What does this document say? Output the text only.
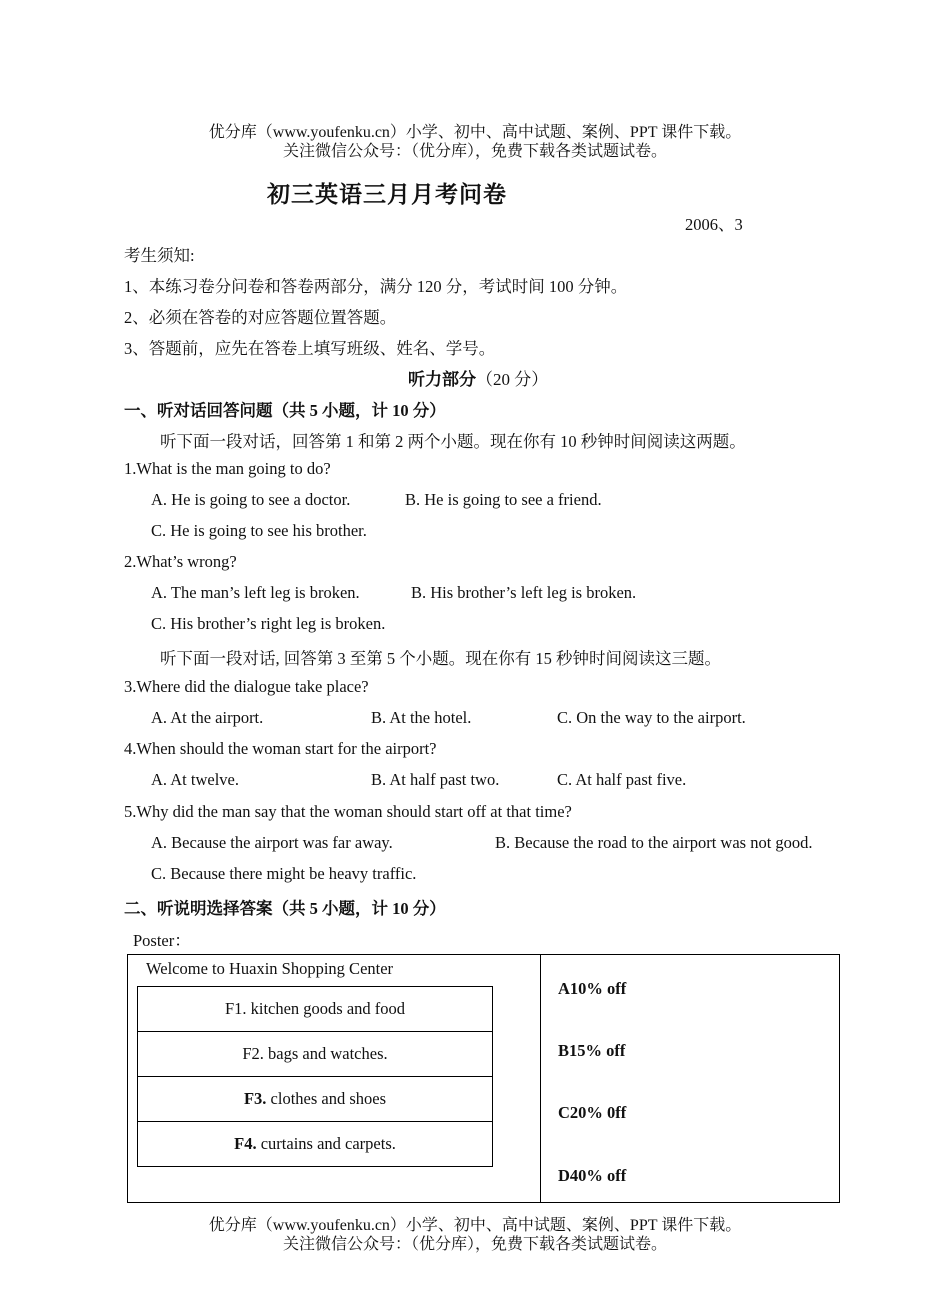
优分库（www.youfenku.cn）小学、初中、高中试题、案例、PPT 课件下载。
关注微信公众号：（优分库），免费下载各类试题试卷。
初三英语三月月考问卷
2006、3
考生须知:
1、本练习卷分问卷和答卷两部分，满分 120 分，考试时间 100 分钟。
2、必须在答卷的对应答题位置答题。
3、答题前，应先在答卷上填写班级、姓名、学号。
听力部分（20 分）
一、听对话回答问题（共 5 小题，计 10 分）
听下面一段对话，回答第 1 和第 2 两个小题。现在你有 10 秒钟时间阅读这两题。
1.What is the man going to do?
A. He is going to see a doctor.	B. He is going to see a friend.
C. He is going to see his brother.
2.What’s wrong?
A. The man’s left leg is broken.	B. His brother’s left leg is broken.
C. His brother’s right leg is broken.
听下面一段对话, 回答第 3 至第 5 个小题。现在你有 15 秒钟时间阅读这三题。
3.Where did the dialogue take place?
A. At the airport.	B. At the hotel.	C. On the way to the airport.
4.When should the woman start for the airport?
A. At twelve.	B. At half past two.	C. At half past five.
5.Why did the man say that the woman should start off at that time?
A. Because the airport was far away.	B. Because the road to the airport was not good.
C. Because there might be heavy traffic.
二、听说明选择答案（共 5 小题，计 10 分）
Poster：
Welcome to Huaxin Shopping Center
F1. kitchen goods and food
F2. bags and watches.
F3. clothes and shoes
F4. curtains and carpets.
A10% off
B15% off
C20% 0ff
D40% off
优分库（www.youfenku.cn）小学、初中、高中试题、案例、PPT 课件下载。
关注微信公众号：（优分库），免费下载各类试题试卷。
